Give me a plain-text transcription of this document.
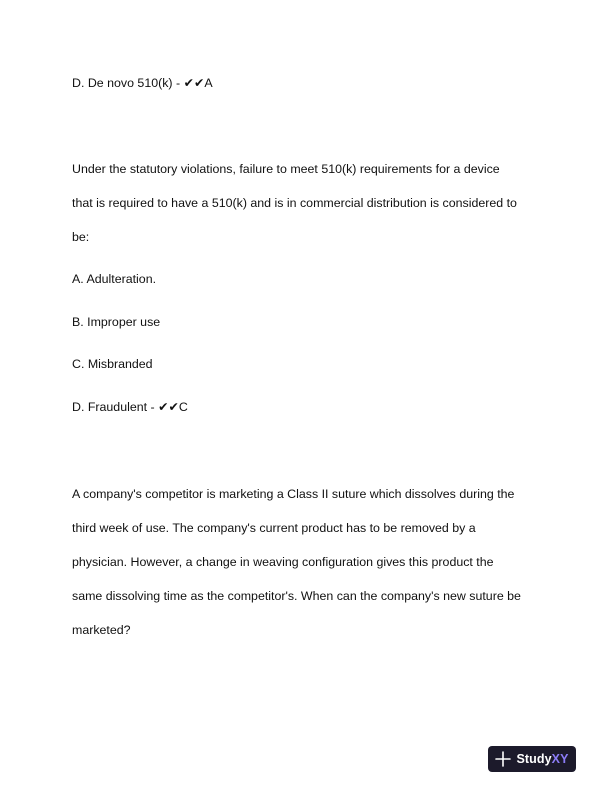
D. De novo 510(k) - ✔✔A
Under the statutory violations, failure to meet 510(k) requirements for a device
that is required to have a 510(k) and is in commercial distribution is considered to
be:
A. Adulteration.
B. Improper use
C. Misbranded
D. Fraudulent - ✔✔C
A company's competitor is marketing a Class II suture which dissolves during the
third week of use. The company's current product has to be removed by a
physician. However, a change in weaving configuration gives this product the
same dissolving time as the competitor's. When can the company's new suture be
marketed?
StudyXY
